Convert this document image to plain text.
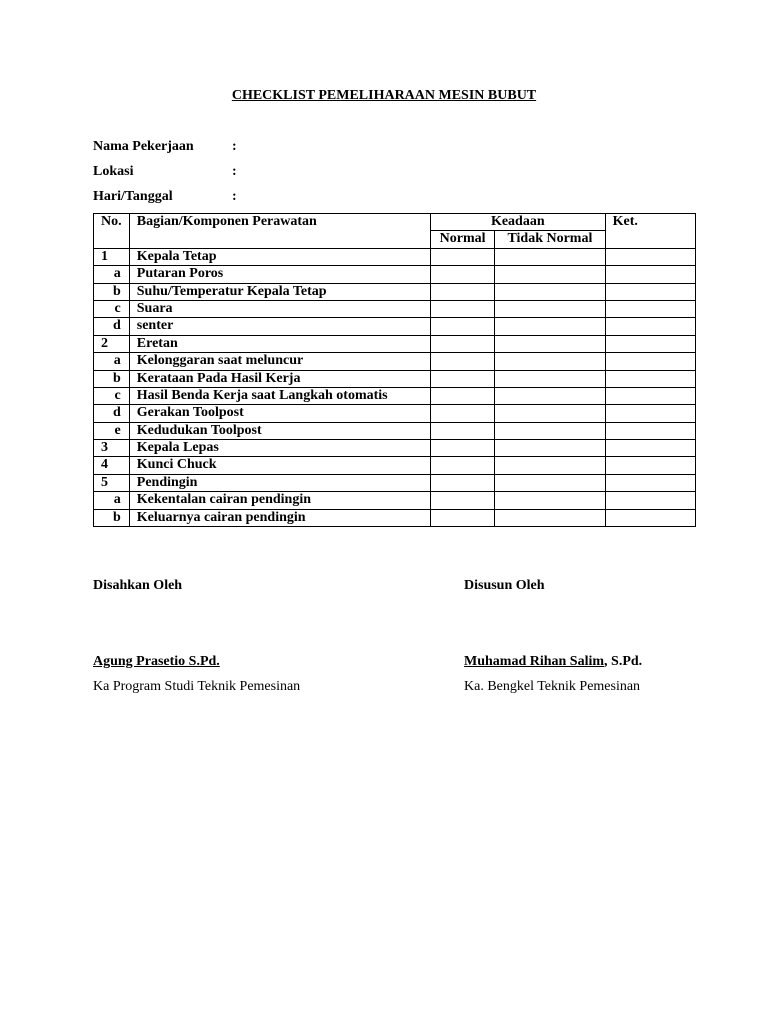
CHECKLIST PEMELIHARAAN MESIN BUBUT
Nama Pekerjaan	:
Lokasi	:
Hari/Tanggal	:
No.	Bagian/Komponen Perawatan	Keadaan		Ket.
		Normal	Tidak Normal	
1	Kepala Tetap			
a	Putaran Poros			
b	Suhu/Temperatur Kepala Tetap			
c	Suara			
d	senter			
2	Eretan			
a	Kelonggaran saat meluncur			
b	Kerataan Pada Hasil Kerja			
c	Hasil Benda Kerja saat Langkah otomatis			
d	Gerakan Toolpost			
e	Kedudukan Toolpost			
3	Kepala Lepas			
4	Kunci Chuck			
5	Pendingin			
a	Kekentalan cairan pendingin			
b	Keluarnya cairan pendingin			
Disahkan Oleh
Agung Prasetio S.Pd.
Ka Program Studi Teknik Pemesinan
Disusun Oleh
Muhamad Rihan Salim, S.Pd.
Ka. Bengkel Teknik Pemesinan
